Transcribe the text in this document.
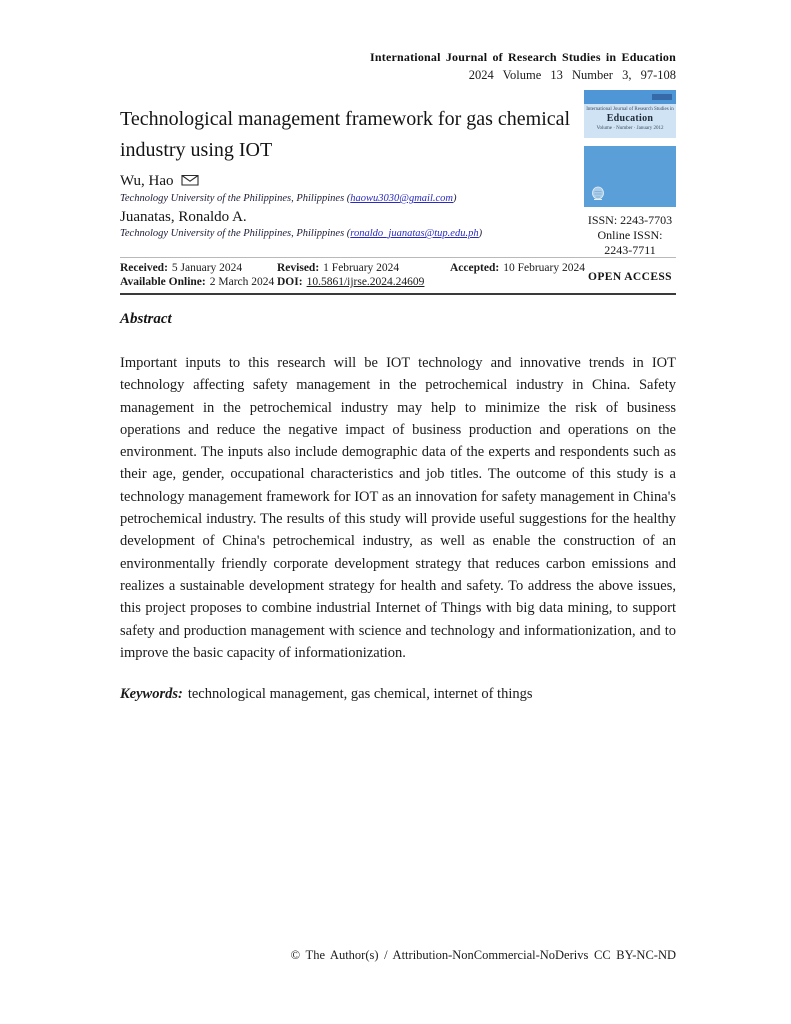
International Journal of Research Studies in Education
2024 Volume 13 Number 3, 97-108
Technological management framework for gas chemical industry using IOT
Wu, Hao
Technology University of the Philippines, Philippines (haowu3030@gmail.com)
Juanatas, Ronaldo A.
Technology University of the Philippines, Philippines (ronaldo_juanatas@tup.edu.ph)
Received: 5 January 2024	Revised: 1 February 2024	Accepted: 10 February 2024
Available Online: 2 March 2024 DOI: 10.5861/ijrse.2024.24609
International Journal of Research Studies in
Education
Volume · Number · January 2012
ISSN: 2243-7703
Online ISSN: 2243-7711
OPEN ACCESS
Abstract
Important inputs to this research will be IOT technology and innovative trends in IOT technology affecting safety management in the petrochemical industry in China. Safety management in the petrochemical industry may help to minimize the risk of business operations and reduce the negative impact of business production and operations on the environment. The inputs also include demographic data of the experts and respondents such as their age, gender, occupational characteristics and job titles. The outcome of this study is a technology management framework for IOT as an innovation for safety management in China's petrochemical industry. The results of this study will provide useful suggestions for the healthy development of China's petrochemical industry, as well as enable the construction of an environmentally friendly corporate development strategy that reduces carbon emissions and realizes a sustainable development strategy for health and safety. To address the above issues, this project proposes to combine industrial Internet of Things with big data mining, to support safety and production management with science and technology and informationization, and to improve the basic capacity of informationization.
Keywords: technological management, gas chemical, internet of things
© The Author(s) / Attribution-NonCommercial-NoDerivs CC BY-NC-ND
